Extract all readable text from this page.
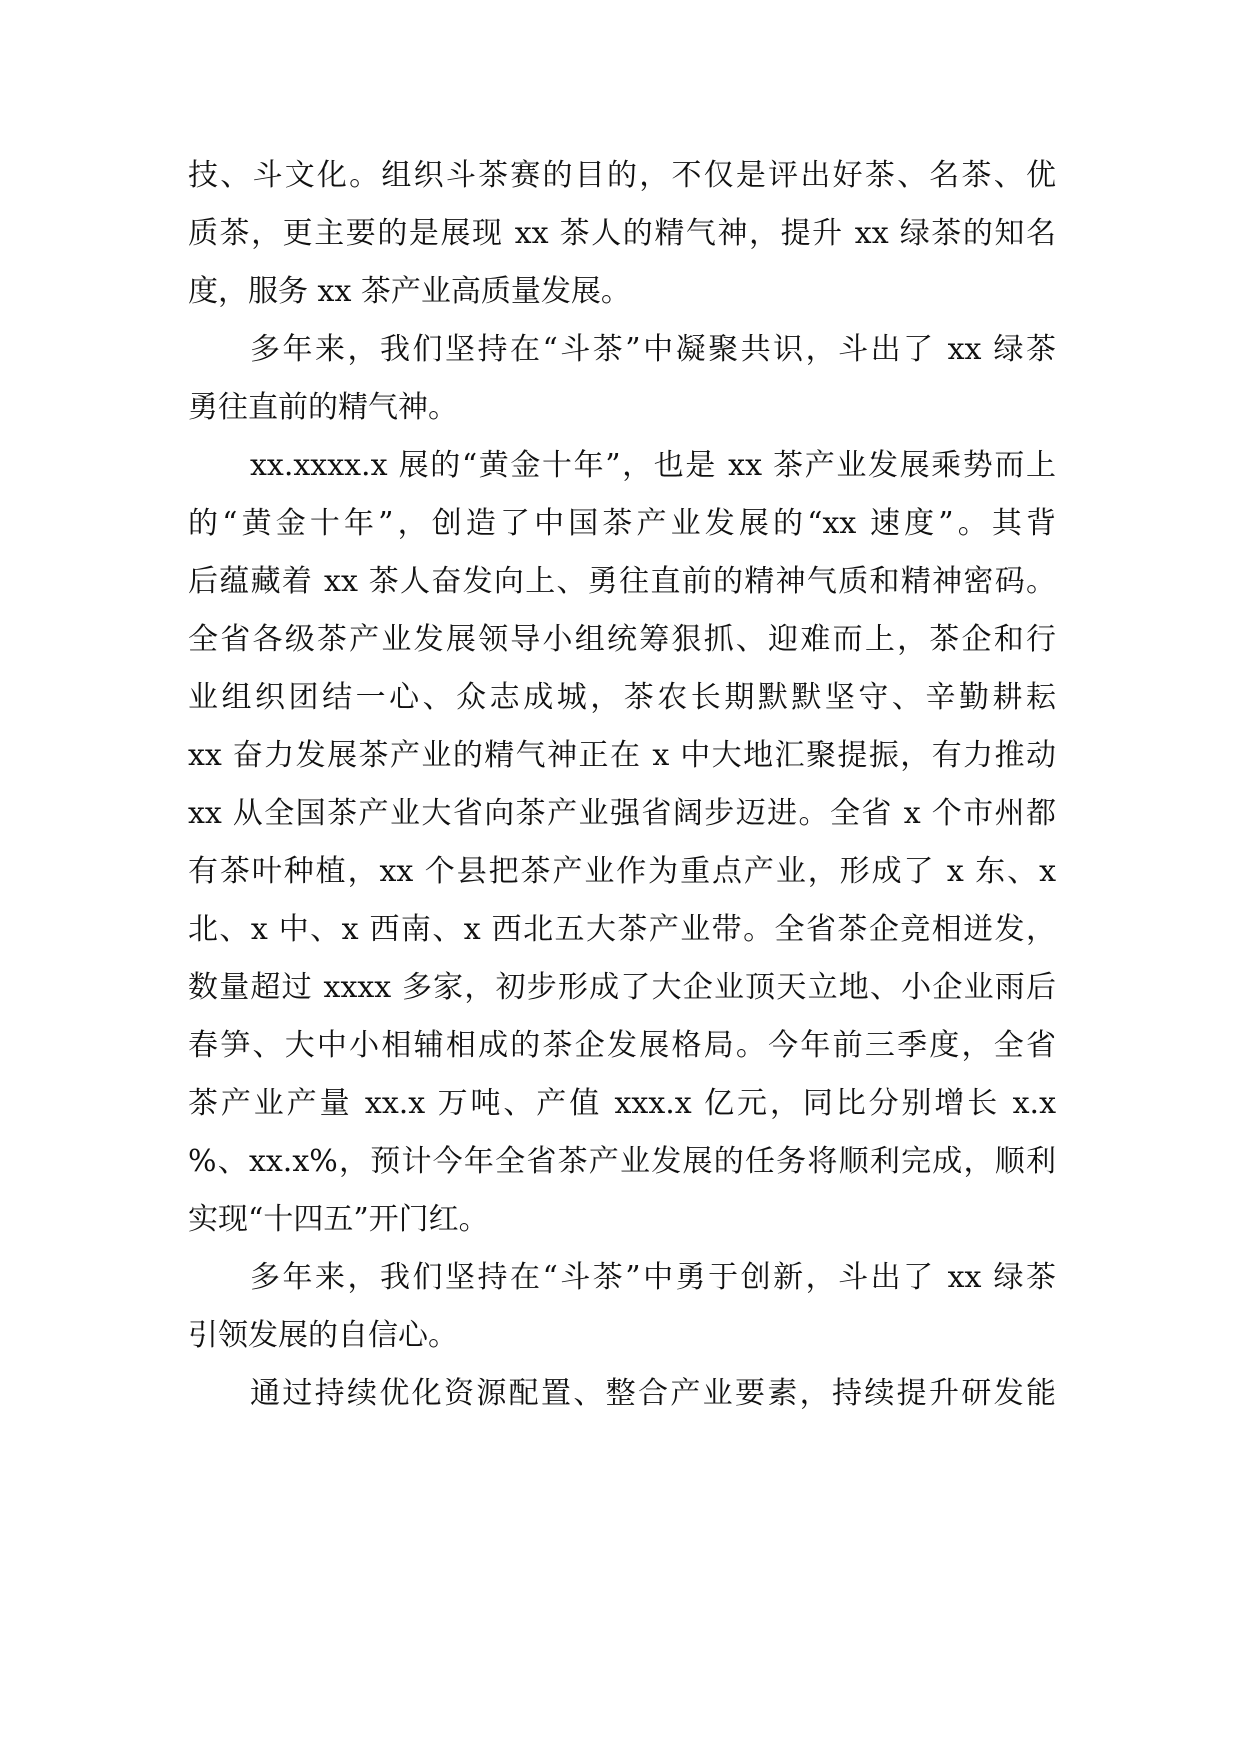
技、斗文化。组织斗茶赛的目的，不仅是评出好茶、名茶、优
质茶，更主要的是展现 xx 茶人的精气神，提升 xx 绿茶的知名
度，服务 xx 茶产业高质量发展。
多年来，我们坚持在“斗茶”中凝聚共识，斗出了 xx 绿茶
勇往直前的精气神。
xx.xxxx.x 展的“黄金十年”，也是 xx 茶产业发展乘势而上
的“黄金十年”，创造了中国茶产业发展的“xx 速度”。其背
后蕴藏着 xx 茶人奋发向上、勇往直前的精神气质和精神密码。
全省各级茶产业发展领导小组统筹狠抓、迎难而上，茶企和行
业组织团结一心、众志成城，茶农长期默默坚守、辛勤耕耘
xx 奋力发展茶产业的精气神正在 x 中大地汇聚提振，有力推动
xx 从全国茶产业大省向茶产业强省阔步迈进。全省 x 个市州都
有茶叶种植，xx 个县把茶产业作为重点产业，形成了 x 东、x
北、x 中、x 西南、x 西北五大茶产业带。全省茶企竞相迸发，
数量超过 xxxx 多家，初步形成了大企业顶天立地、小企业雨后
春笋、大中小相辅相成的茶企发展格局。今年前三季度，全省
茶产业产量 xx.x 万吨、产值 xxx.x 亿元，同比分别增长 x.x
%、xx.x%，预计今年全省茶产业发展的任务将顺利完成，顺利
实现“十四五”开门红。
多年来，我们坚持在“斗茶”中勇于创新，斗出了 xx 绿茶
引领发展的自信心。
通过持续优化资源配置、整合产业要素，持续提升研发能
